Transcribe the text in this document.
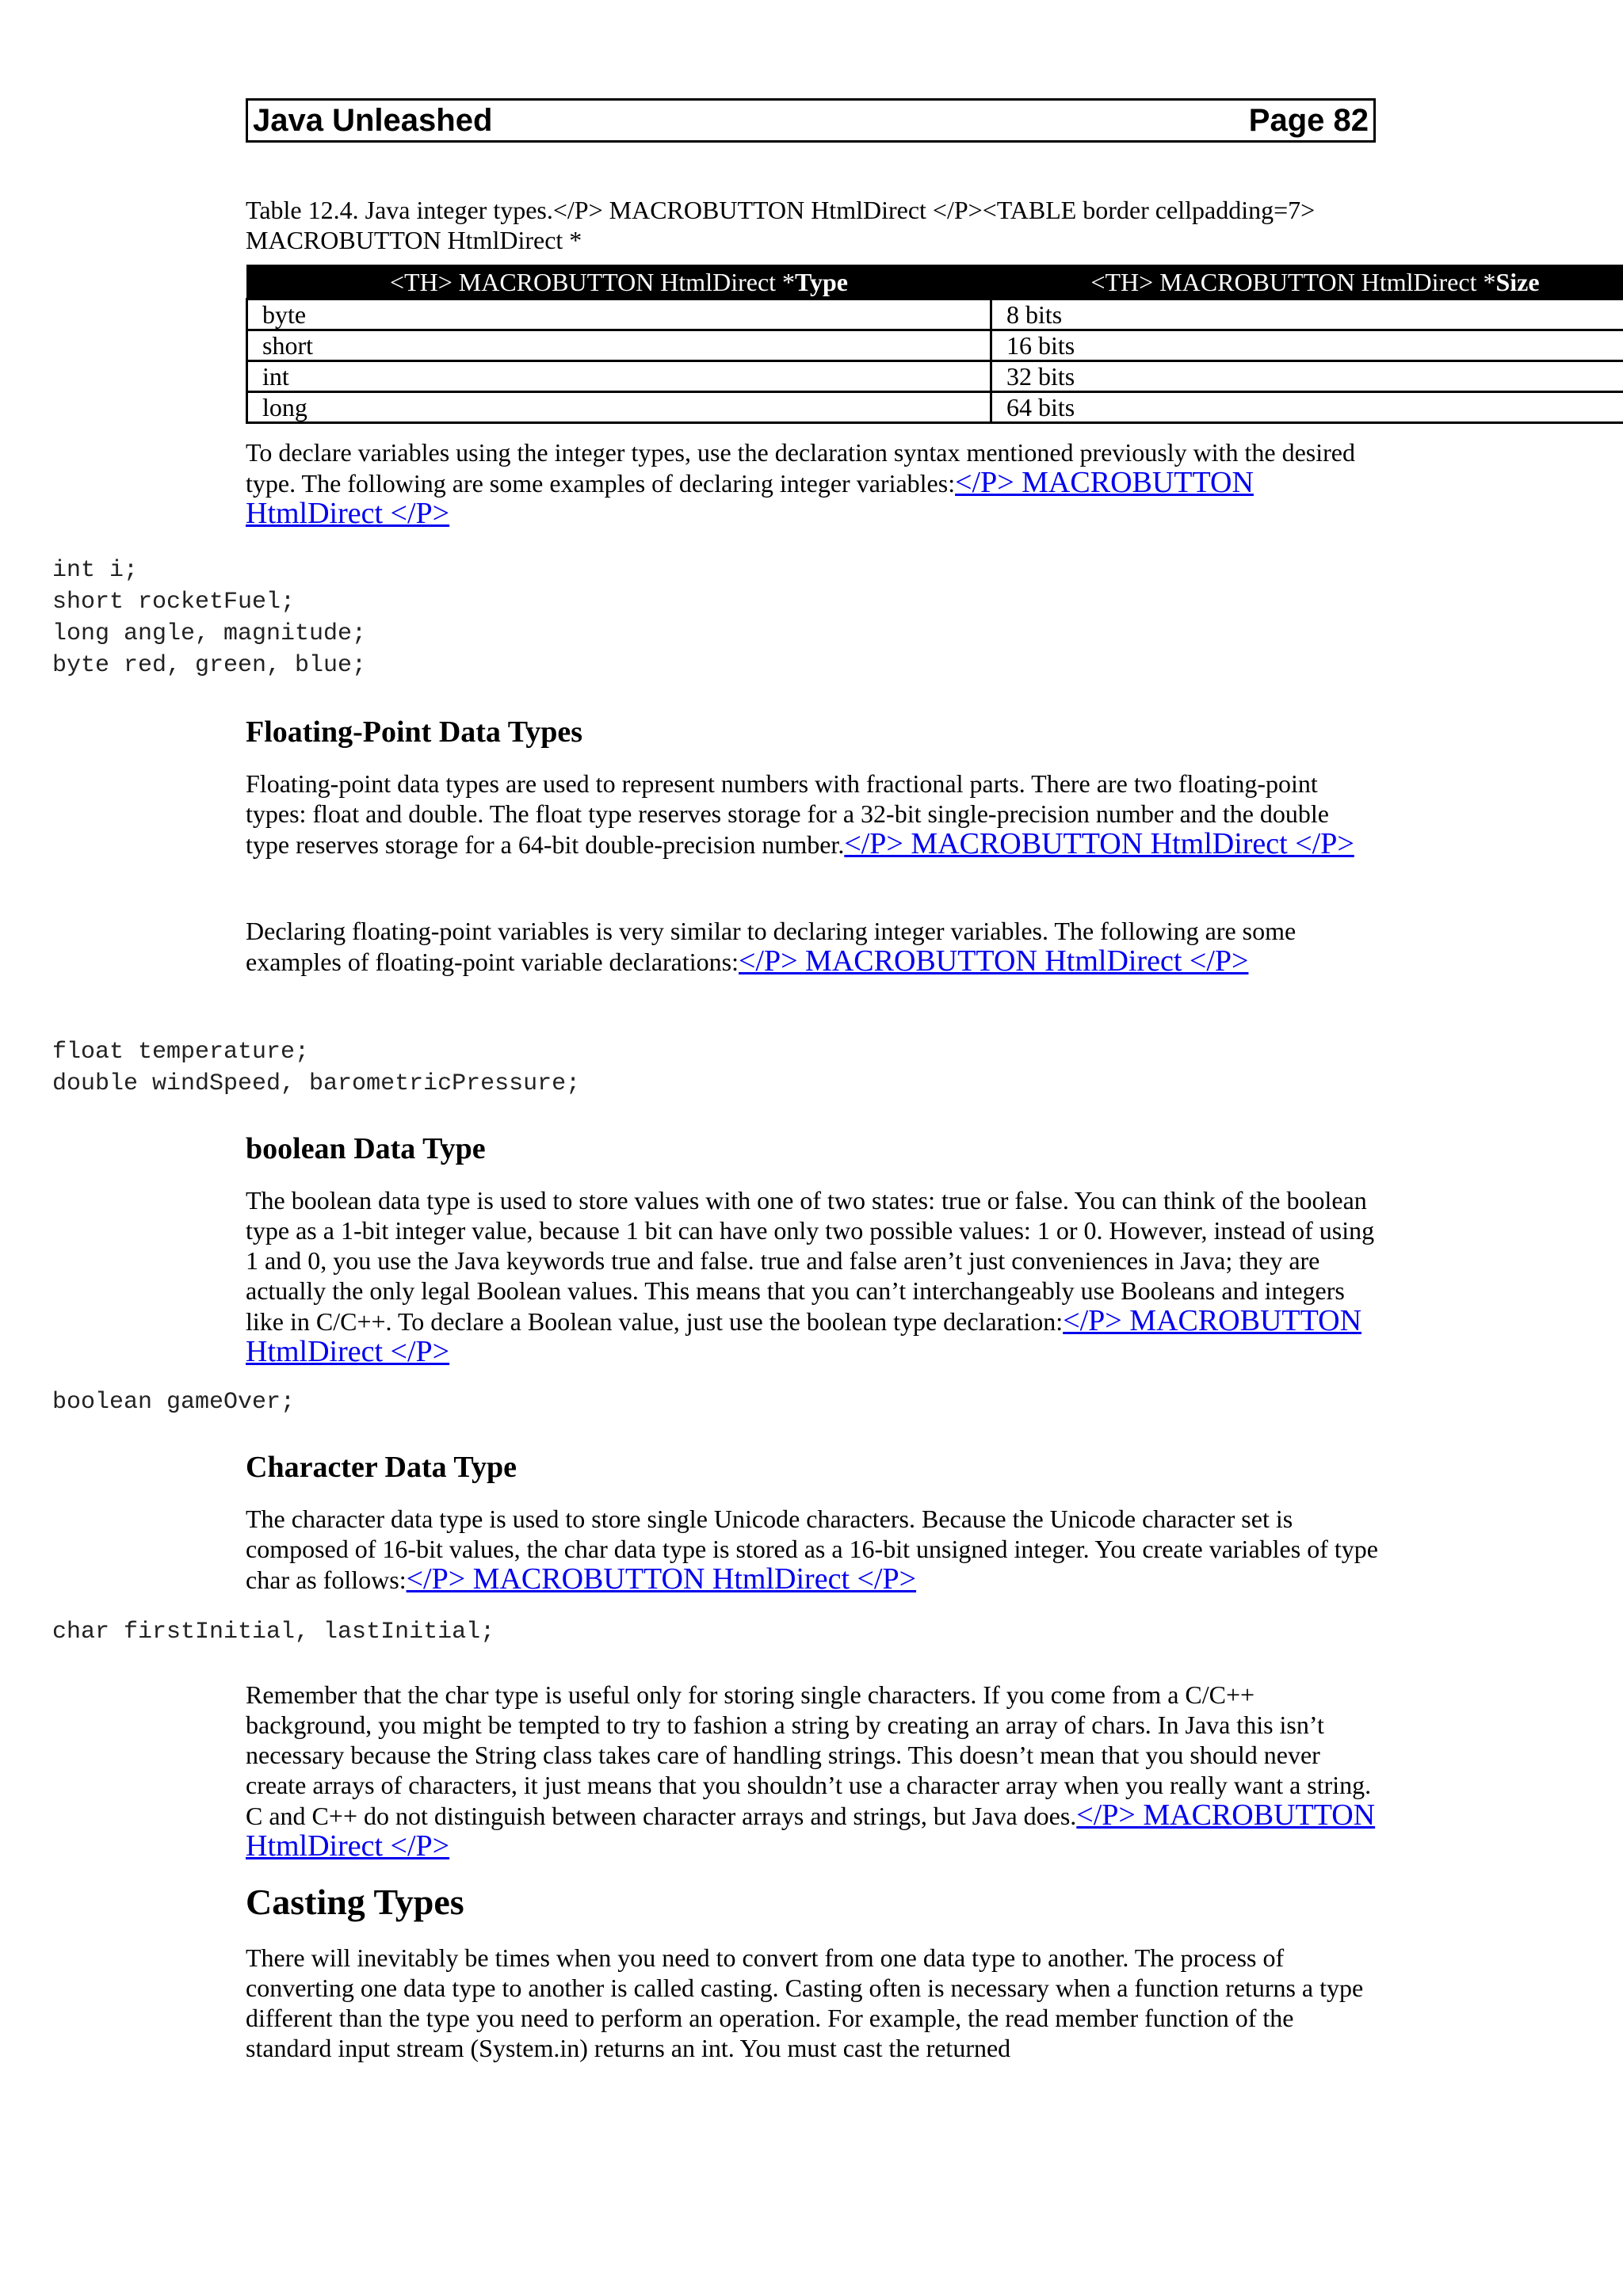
Java Unleashed	Page 82

Table 12.4. Java integer types.</P> MACROBUTTON HtmlDirect </P><TABLE border cellpadding=7> MACROBUTTON HtmlDirect *

<TH> MACROBUTTON HtmlDirect *Type	<TH> MACROBUTTON HtmlDirect *Size
byte	8 bits
short	16 bits
int	32 bits
long	64 bits

To declare variables using the integer types, use the declaration syntax mentioned previously with the desired type. The following are some examples of declaring integer variables:</P> MACROBUTTON HtmlDirect </P>

int i;
short rocketFuel;
long angle, magnitude;
byte red, green, blue;
Floating-Point Data Types

Floating-point data types are used to represent numbers with fractional parts. There are two floating-point types: float and double. The float type reserves storage for a 32-bit single-precision number and the double type reserves storage for a 64-bit double-precision number.</P> MACROBUTTON HtmlDirect </P>

Declaring floating-point variables is very similar to declaring integer variables. The following are some examples of floating-point variable declarations:</P> MACROBUTTON HtmlDirect </P>

float temperature;
double windSpeed, barometricPressure;
boolean Data Type

The boolean data type is used to store values with one of two states: true or false. You can think of the boolean type as a 1-bit integer value, because 1 bit can have only two possible values: 1 or 0. However, instead of using 1 and 0, you use the Java keywords true and false. true and false aren’t just conveniences in Java; they are actually the only legal Boolean values. This means that you can’t interchangeably use Booleans and integers like in C/C++. To declare a Boolean value, just use the boolean type declaration:</P> MACROBUTTON HtmlDirect </P>

boolean gameOver;
Character Data Type

The character data type is used to store single Unicode characters. Because the Unicode character set is composed of 16-bit values, the char data type is stored as a 16-bit unsigned integer. You create variables of type char as follows:</P> MACROBUTTON HtmlDirect </P>

char firstInitial, lastInitial;

Remember that the char type is useful only for storing single characters. If you come from a C/C++ background, you might be tempted to try to fashion a string by creating an array of chars. In Java this isn’t necessary because the String class takes care of handling strings. This doesn’t mean that you should never create arrays of characters, it just means that you shouldn’t use a character array when you really want a string. C and C++ do not distinguish between character arrays and strings, but Java does.</P> MACROBUTTON HtmlDirect </P>

Casting Types

There will inevitably be times when you need to convert from one data type to another. The process of converting one data type to another is called casting. Casting often is necessary when a function returns a type different than the type you need to perform an operation. For example, the read member function of the standard input stream (System.in) returns an int. You must cast the returned
